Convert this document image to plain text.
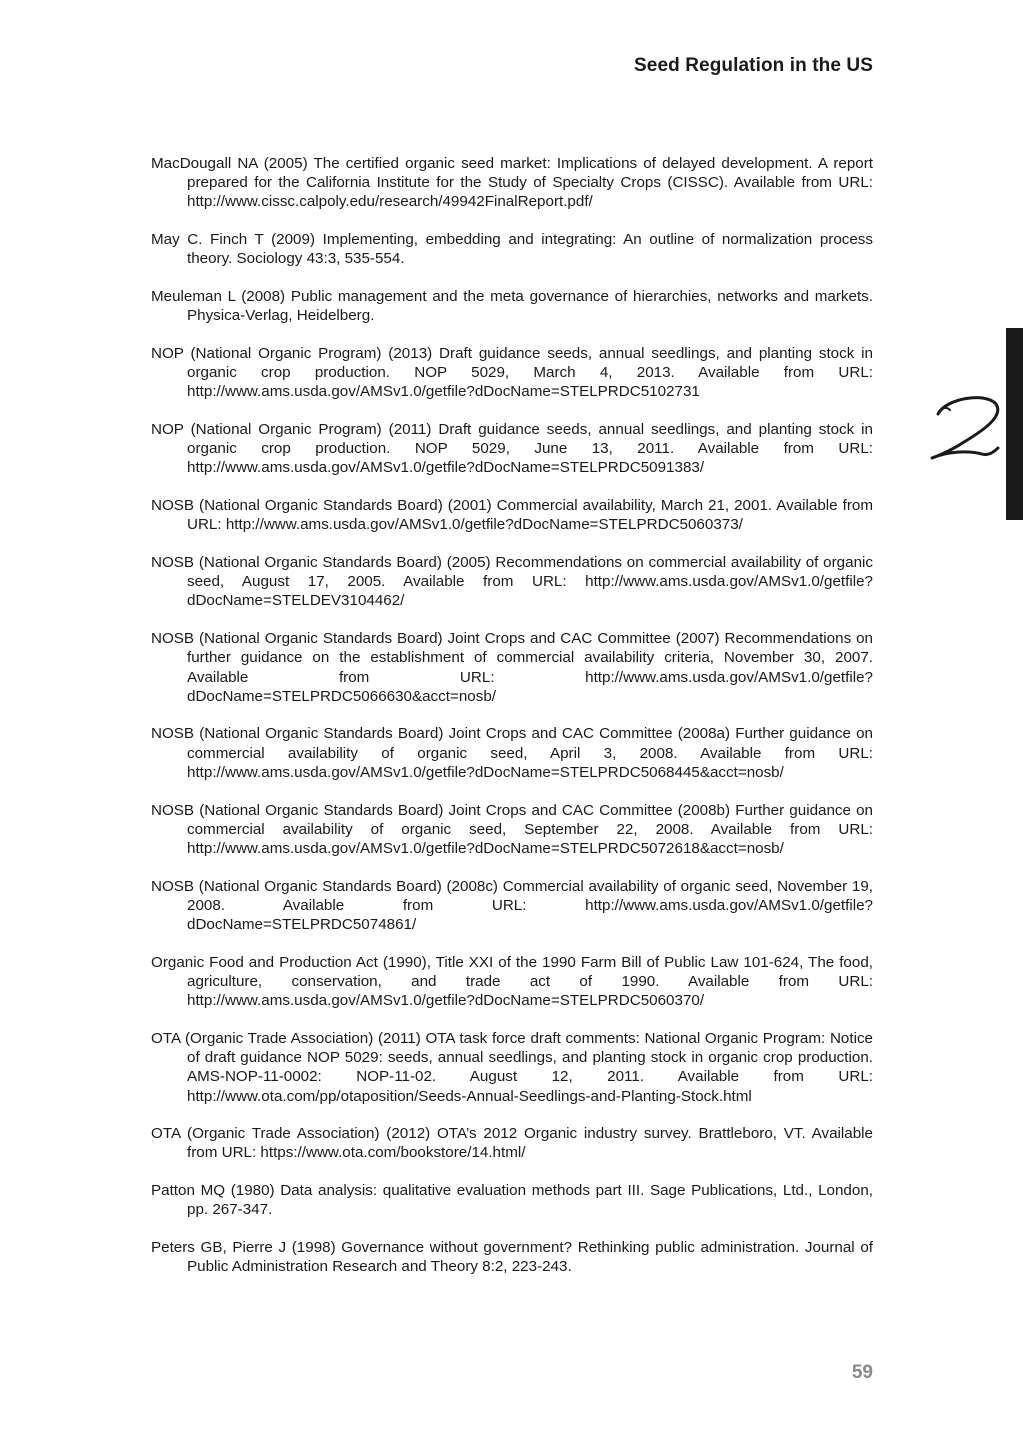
Seed Regulation in the US
MacDougall NA (2005) The certified organic seed market: Implications of delayed development. A report prepared for the California Institute for the Study of Specialty Crops (CISSC). Available from URL: http://www.cissc.calpoly.edu/research/49942FinalReport.pdf/
May C. Finch T (2009) Implementing, embedding and integrating: An outline of normalization process theory. Sociology 43:3, 535-554.
Meuleman L (2008) Public management and the meta governance of hierarchies, networks and markets. Physica-Verlag, Heidelberg.
NOP (National Organic Program) (2013) Draft guidance seeds, annual seedlings, and planting stock in organic crop production. NOP 5029, March 4, 2013. Available from URL: http://www.ams.usda.gov/AMSv1.0/getfile?dDocName=STELPRDC5102731
NOP (National Organic Program) (2011) Draft guidance seeds, annual seedlings, and planting stock in organic crop production. NOP 5029, June 13, 2011. Available from URL: http://www.ams.usda.gov/AMSv1.0/getfile?dDocName=STELPRDC5091383/
NOSB (National Organic Standards Board) (2001) Commercial availability, March 21, 2001. Available from URL: http://www.ams.usda.gov/AMSv1.0/getfile?dDocName=STELPRDC5060373/
NOSB (National Organic Standards Board) (2005) Recommendations on commercial availability of organic seed, August 17, 2005. Available from URL: http://www.ams.usda.gov/AMSv1.0/getfile?dDocName=STELDEV3104462/
NOSB (National Organic Standards Board) Joint Crops and CAC Committee (2007) Recommendations on further guidance on the establishment of commercial availability criteria, November 30, 2007. Available from URL: http://www.ams.usda.gov/AMSv1.0/getfile?dDocName=STELPRDC5066630&acct=nosb/
NOSB (National Organic Standards Board) Joint Crops and CAC Committee (2008a) Further guidance on commercial availability of organic seed, April 3, 2008. Available from URL: http://www.ams.usda.gov/AMSv1.0/getfile?dDocName=STELPRDC5068445&acct=nosb/
NOSB (National Organic Standards Board) Joint Crops and CAC Committee (2008b) Further guidance on commercial availability of organic seed, September 22, 2008. Available from URL: http://www.ams.usda.gov/AMSv1.0/getfile?dDocName=STELPRDC5072618&acct=nosb/
NOSB (National Organic Standards Board) (2008c) Commercial availability of organic seed, November 19, 2008. Available from URL: http://www.ams.usda.gov/AMSv1.0/getfile?dDocName=STELPRDC5074861/
Organic Food and Production Act (1990), Title XXI of the 1990 Farm Bill of Public Law 101-624, The food, agriculture, conservation, and trade act of 1990. Available from URL: http://www.ams.usda.gov/AMSv1.0/getfile?dDocName=STELPRDC5060370/
OTA (Organic Trade Association) (2011) OTA task force draft comments: National Organic Program: Notice of draft guidance NOP 5029: seeds, annual seedlings, and planting stock in organic crop production. AMS-NOP-11-0002: NOP-11-02. August 12, 2011. Available from URL: http://www.ota.com/pp/otaposition/Seeds-Annual-Seedlings-and-Planting-Stock.html
OTA (Organic Trade Association) (2012) OTA’s 2012 Organic industry survey. Brattleboro, VT. Available from URL: https://www.ota.com/bookstore/14.html/
Patton MQ (1980) Data analysis: qualitative evaluation methods part III. Sage Publications, Ltd., London, pp. 267-347.
Peters GB, Pierre J (1998) Governance without government? Rethinking public administration. Journal of Public Administration Research and Theory 8:2, 223-243.
59
